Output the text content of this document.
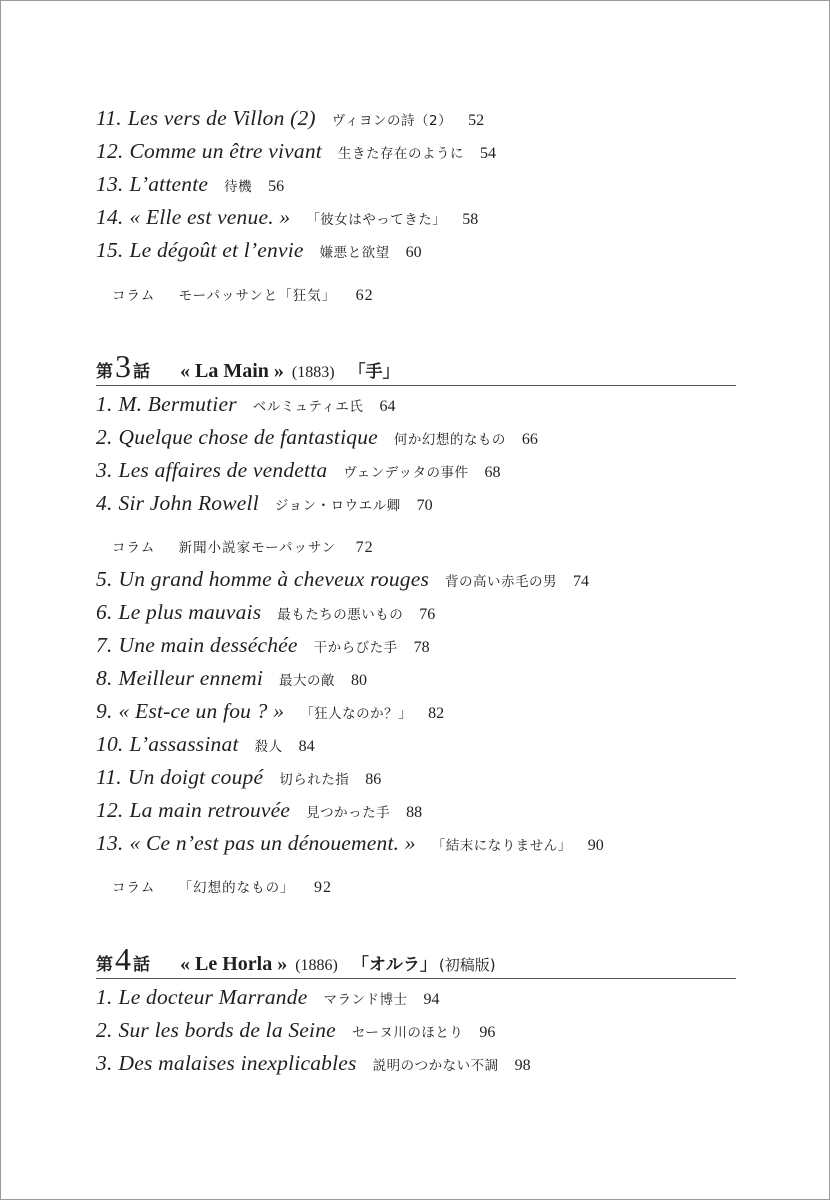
11. Les vers de Villon (2) ヴィヨンの詩（2） 52
12. Comme un être vivant 生きた存在のように 54
13. L’attente 待機 56
14. « Elle est venue. » 「彼女はやってきた」 58
15. Le dégoût et l’envie 嫌悪と欲望 60
コラム モーパッサンと「狂気」 62
第 3 話 « La Main » (1883) 「手」
1. M. Bermutier ベルミュティエ氏 64
2. Quelque chose de fantastique 何か幻想的なもの 66
3. Les affaires de vendetta ヴェンデッタの事件 68
4. Sir John Rowell ジョン・ロウエル卿 70
コラム 新聞小説家モーパッサン 72
5. Un grand homme à cheveux rouges 背の高い赤毛の男 74
6. Le plus mauvais 最もたちの悪いもの 76
7. Une main desséchée 干からびた手 78
8. Meilleur ennemi 最大の敵 80
9. « Est-ce un fou ? » 「狂人なのか？」 82
10. L’assassinat 殺人 84
11. Un doigt coupé 切られた指 86
12. La main retrouvée 見つかった手 88
13. « Ce n’est pas un dénouement. » 「結末になりません」 90
コラム 「幻想的なもの」 92
第 4 話 « Le Horla » (1886) 「オルラ」 (初稿版)
1. Le docteur Marrande マランド博士 94
2. Sur les bords de la Seine セーヌ川のほとり 96
3. Des malaises inexplicables 説明のつかない不調 98
